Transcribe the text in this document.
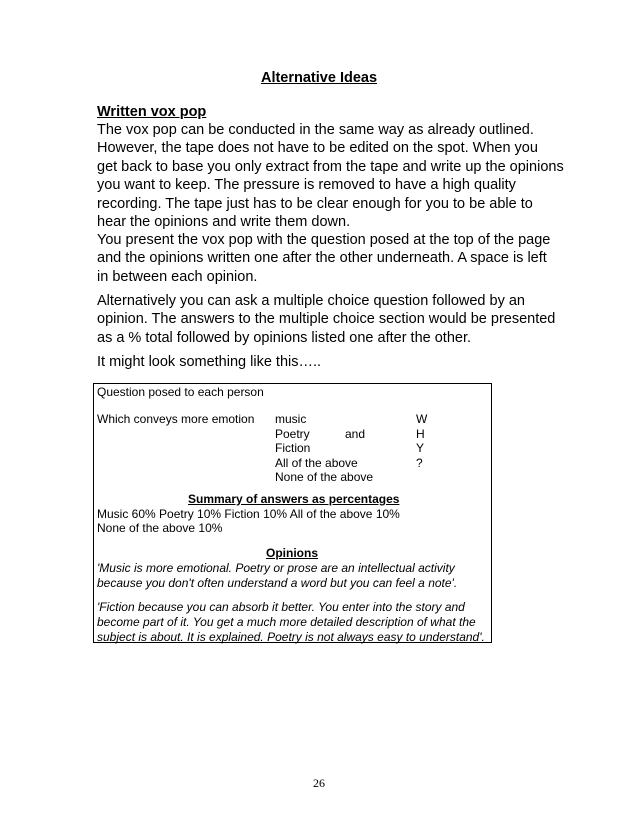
Alternative Ideas
Written vox pop

The vox pop can be conducted in the same way as already outlined.
However, the tape does not have to be edited on the spot. When you
get back to base you only extract from the tape and write up the opinions
you want to keep. The pressure is removed to have a high quality
recording. The tape just has to be clear enough for you to be able to
hear the opinions and write them down.

You present the vox pop with the question posed at the top of the page
and the opinions written one after the other underneath. A space is left
in between each opinion.

Alternatively you can ask a multiple choice question followed by an
opinion. The answers to the multiple choice section would be presented
as a % total followed by opinions listed one after the other.

It might look something like this…..

Question posed to each person
Which conveys more emotion music
Poetry	and
Fiction
All of the above
None of the above
W
H
Y
?
Summary of answers as percentages
Music 60% Poetry 10% Fiction 10% All of the above 10%
None of the above 10%
Opinions
'Music is more emotional. Poetry or prose are an intellectual activity
because you don't often understand a word but you can feel a note'.
'Fiction because you can absorb it better. You enter into the story and
become part of it. You get a much more detailed description of what the
subject is about. It is explained. Poetry is not always easy to understand'.
26
